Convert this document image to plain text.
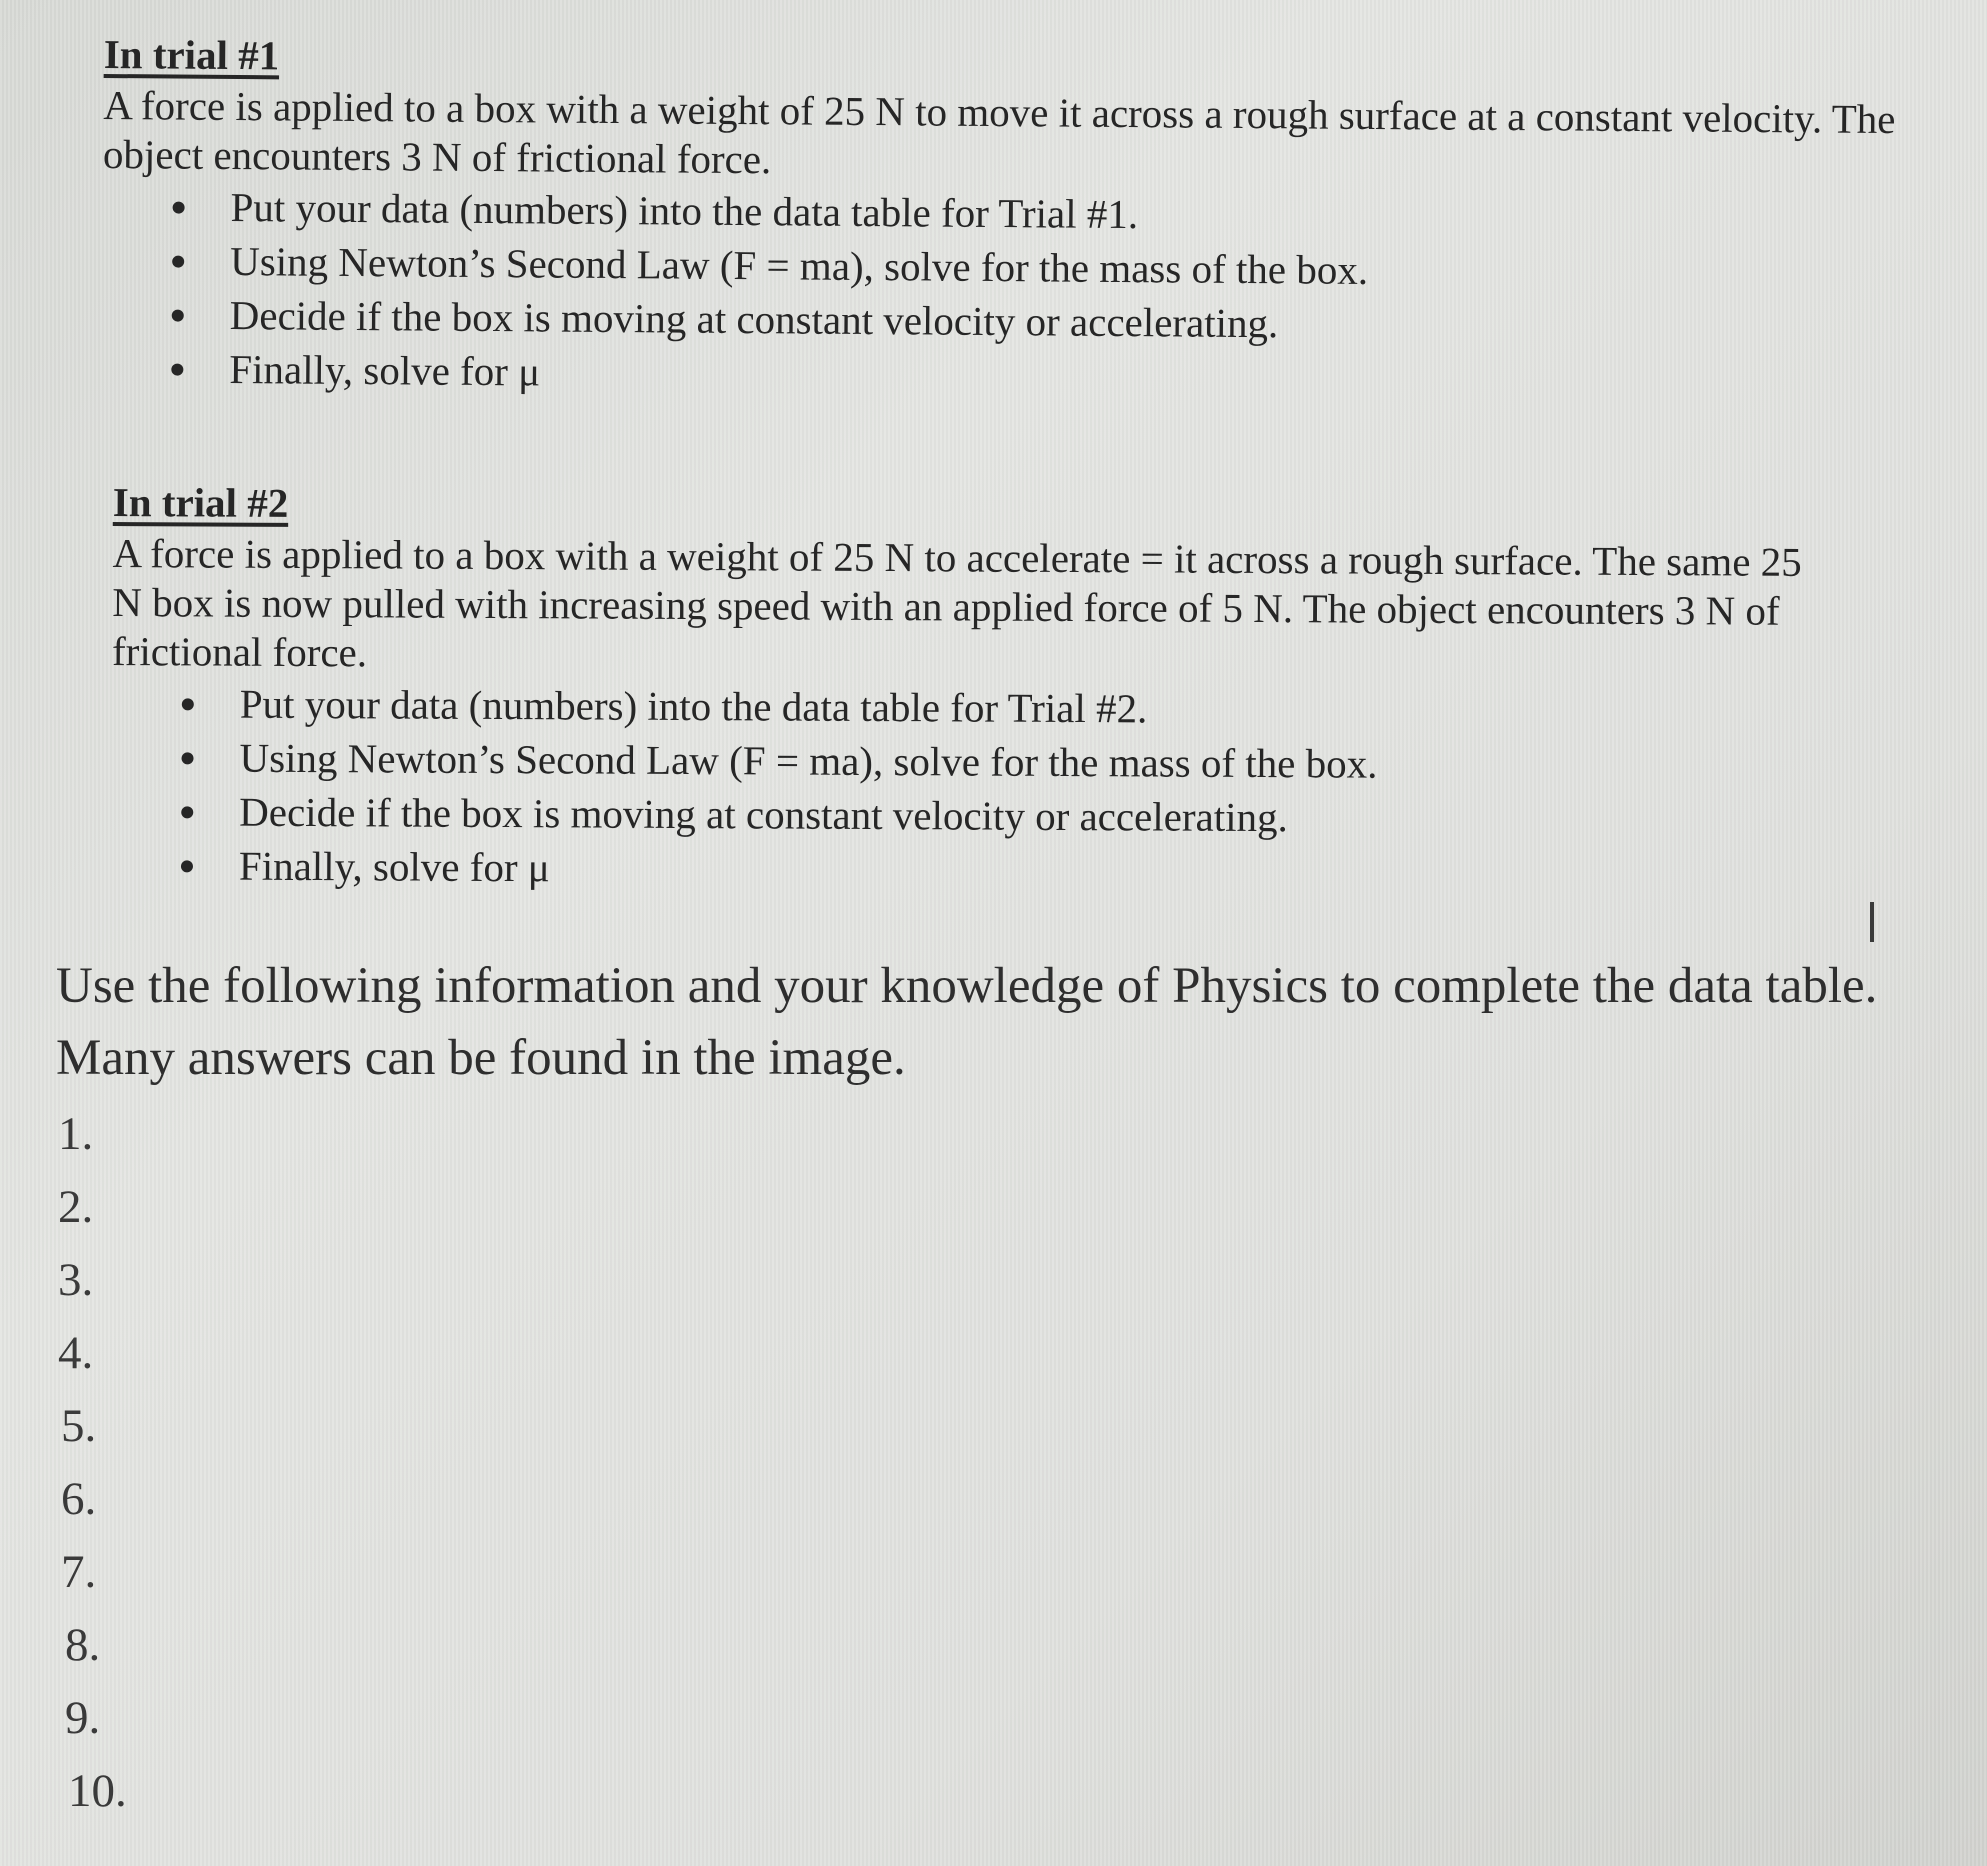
In trial #1

A force is applied to a box with a weight of 25 N to move it across a rough surface at a constant velocity. The object encounters 3 N of frictional force.

Put your data (numbers) into the data table for Trial #1.
Using Newton’s Second Law (F = ma), solve for the mass of the box.
Decide if the box is moving at constant velocity or accelerating.
Finally, solve for μ
In trial #2

A force is applied to a box with a weight of 25 N to accelerate = it across a rough surface. The same 25 N box is now pulled with increasing speed with an applied force of 5 N. The object encounters 3 N of frictional force.

Put your data (numbers) into the data table for Trial #2.
Using Newton’s Second Law (F = ma), solve for the mass of the box.
Decide if the box is moving at constant velocity or accelerating.
Finally, solve for μ

Use the following information and your knowledge of Physics to complete the data table. Many answers can be found in the image.

1.
2.
3.
4.
5.
6.
7.
8.
9.
10.
